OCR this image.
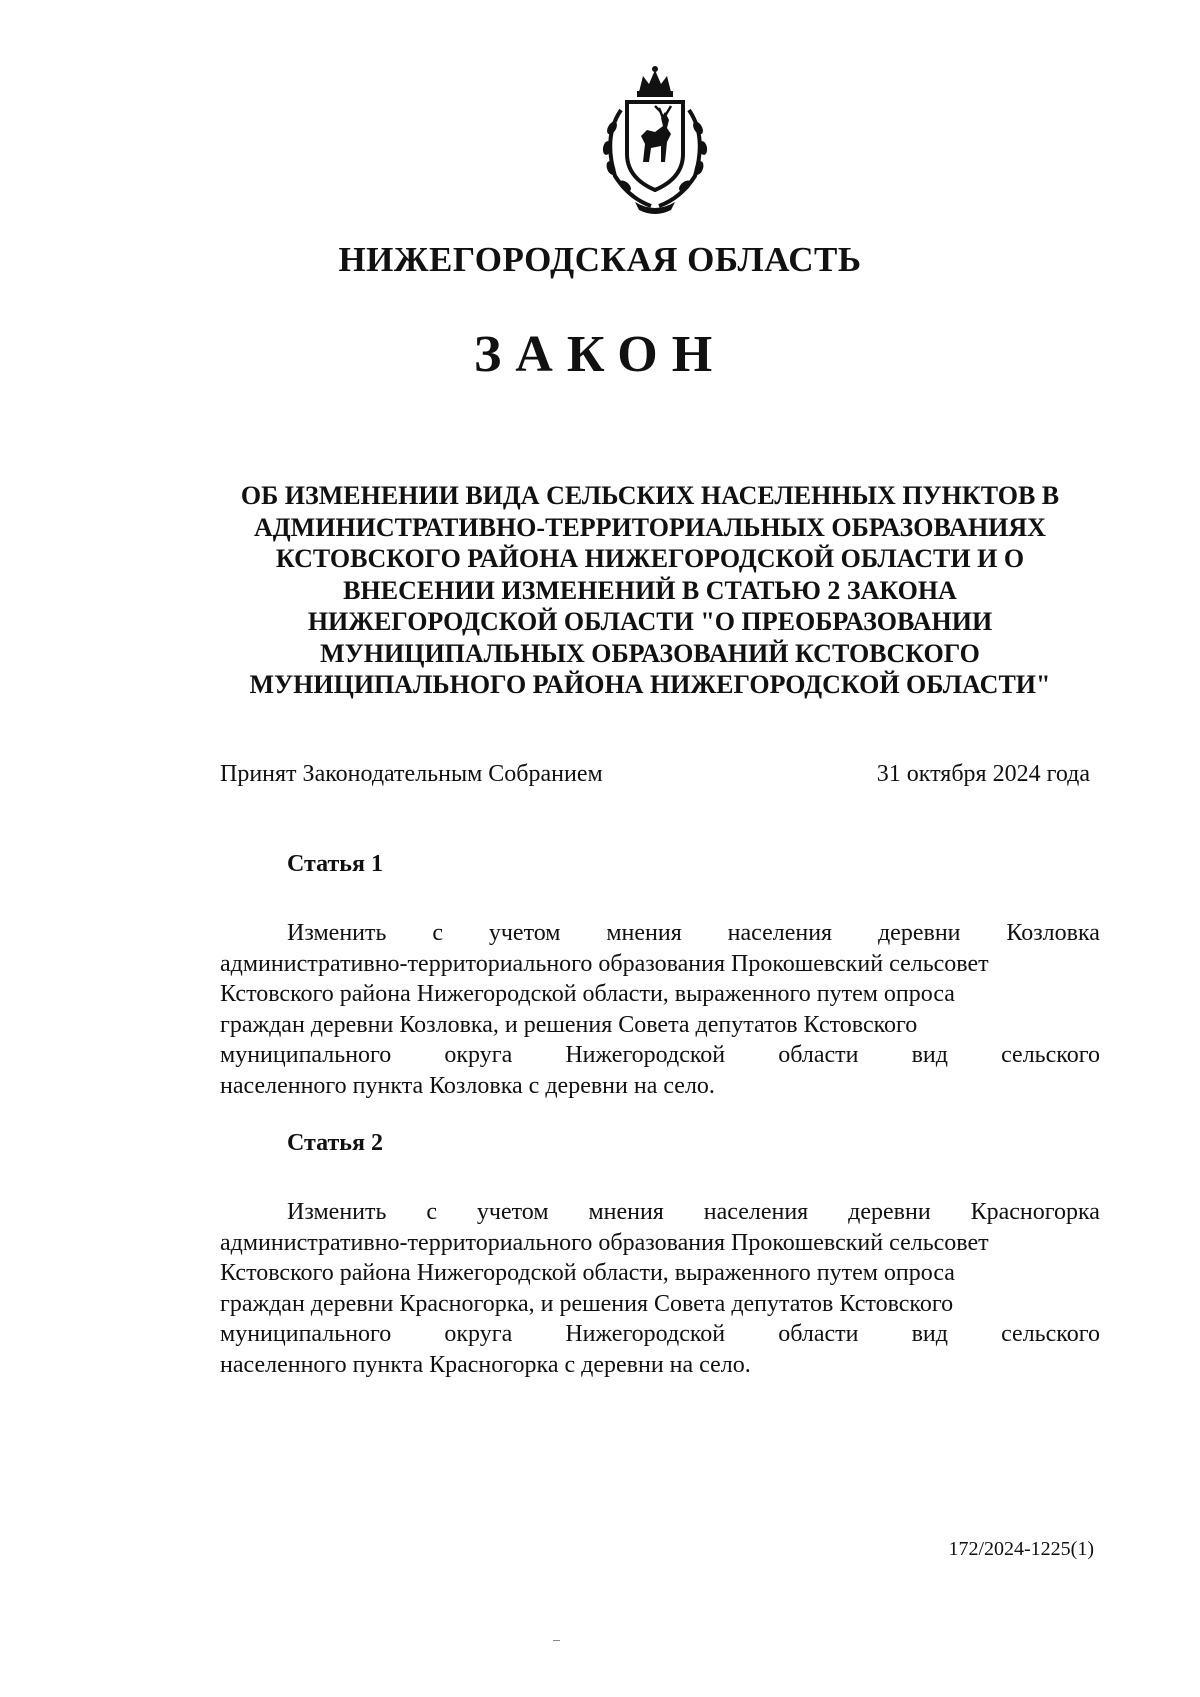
НИЖЕГОРОДСКАЯ ОБЛАСТЬ
ЗАКОН
ОБ ИЗМЕНЕНИИ ВИДА СЕЛЬСКИХ НАСЕЛЕННЫХ ПУНКТОВ В
АДМИНИСТРАТИВНО-ТЕРРИТОРИАЛЬНЫХ ОБРАЗОВАНИЯХ
КСТОВСКОГО РАЙОНА НИЖЕГОРОДСКОЙ ОБЛАСТИ И О
ВНЕСЕНИИ ИЗМЕНЕНИЙ В СТАТЬЮ 2 ЗАКОНА
НИЖЕГОРОДСКОЙ ОБЛАСТИ "О ПРЕОБРАЗОВАНИИ
МУНИЦИПАЛЬНЫХ ОБРАЗОВАНИЙ КСТОВСКОГО
МУНИЦИПАЛЬНОГО РАЙОНА НИЖЕГОРОДСКОЙ ОБЛАСТИ"
Принят Законодательным Собранием	31 октября 2024 года
Статья 1
Изменить с учетом мнения населения деревни Козловка
административно-территориального образования Прокошевский сельсовет
Кстовского района Нижегородской области, выраженного путем опроса
граждан деревни Козловка, и решения Совета депутатов Кстовского
муниципального округа Нижегородской области вид сельского
населенного пункта Козловка с деревни на село.
Статья 2
Изменить с учетом мнения населения деревни Красногорка
административно-территориального образования Прокошевский сельсовет
Кстовского района Нижегородской области, выраженного путем опроса
граждан деревни Красногорка, и решения Совета депутатов Кстовского
муниципального округа Нижегородской области вид сельского
населенного пункта Красногорка с деревни на село.
172/2024-1225(1)
